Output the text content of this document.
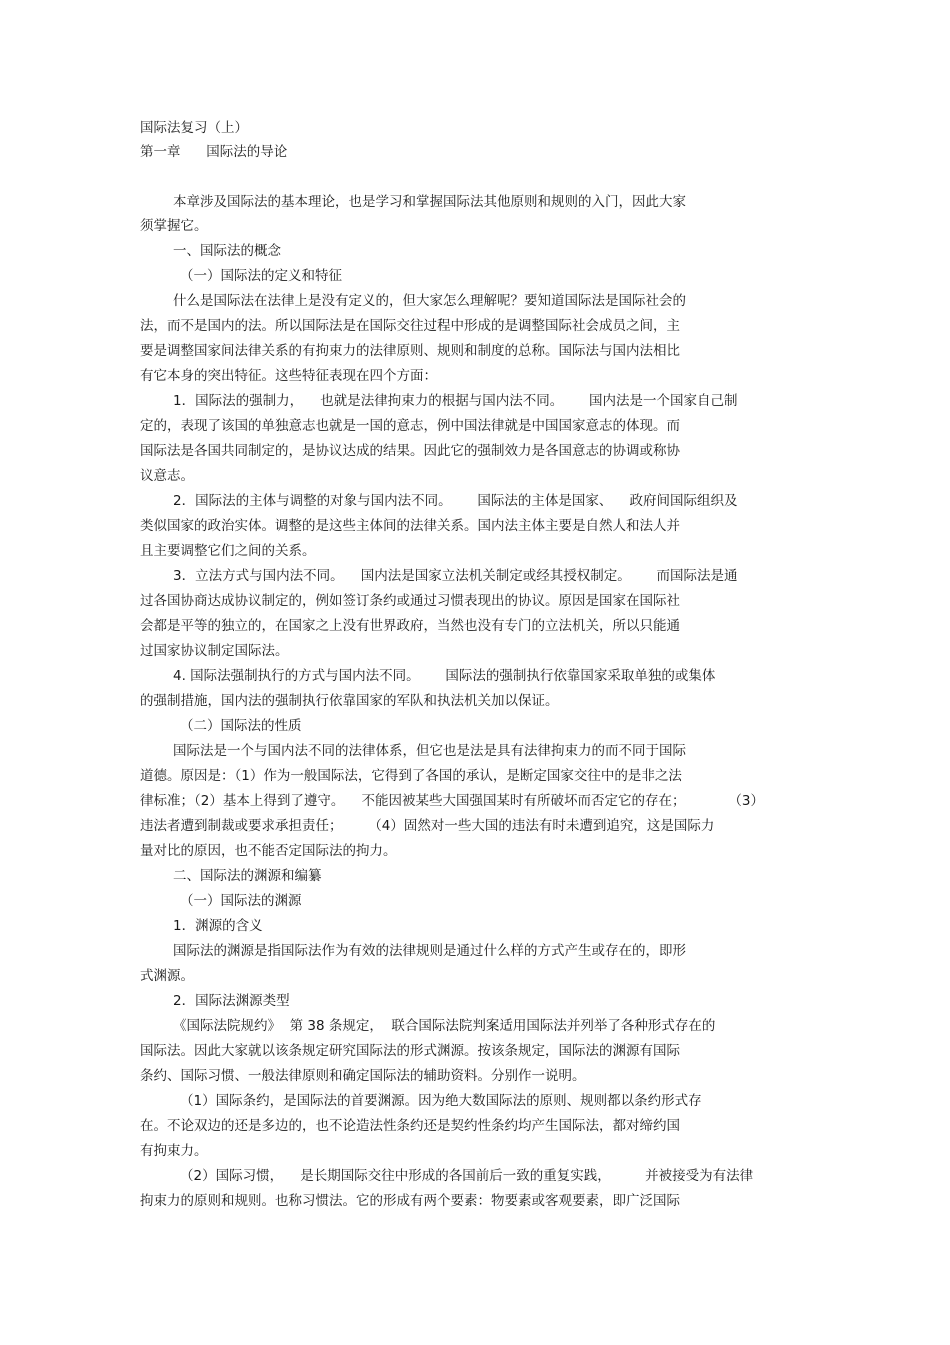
国际法复习（上）
第一章      国际法的导论
本章涉及国际法的基本理论，也是学习和掌握国际法其他原则和规则的入门，因此大家
须掌握它。
一、国际法的概念
（一）国际法的定义和特征
什么是国际法在法律上是没有定义的，但大家怎么理解呢？要知道国际法是国际社会的
法，而不是国内的法。所以国际法是在国际交往过程中形成的是调整国际社会成员之间，主
要是调整国家间法律关系的有拘束力的法律原则、规则和制度的总称。国际法与国内法相比
有它本身的突出特征。这些特征表现在四个方面：
1．国际法的强制力，    也就是法律拘束力的根据与国内法不同。      国内法是一个国家自己制
定的，表现了该国的单独意志也就是一国的意志，例中国法律就是中国国家意志的体现。而
国际法是各国共同制定的，是协议达成的结果。因此它的强制效力是各国意志的协调或称协
议意志。
2．国际法的主体与调整的对象与国内法不同。      国际法的主体是国家、    政府间国际组织及
类似国家的政治实体。调整的是这些主体间的法律关系。国内法主体主要是自然人和法人并
且主要调整它们之间的关系。
3．立法方式与国内法不同。    国内法是国家立法机关制定或经其授权制定。      而国际法是通
过各国协商达成协议制定的，例如签订条约或通过习惯表现出的协议。原因是国家在国际社
会都是平等的独立的，在国家之上没有世界政府，当然也没有专门的立法机关，所以只能通
过国家协议制定国际法。
4. 国际法强制执行的方式与国内法不同。      国际法的强制执行依靠国家采取单独的或集体
的强制措施，国内法的强制执行依靠国家的军队和执法机关加以保证。
（二）国际法的性质
国际法是一个与国内法不同的法律体系，但它也是法是具有法律拘束力的而不同于国际
道德。原因是：（1）作为一般国际法，它得到了各国的承认，是断定国家交往中的是非之法
律标准；（2）基本上得到了遵守。    不能因被某些大国强国某时有所破坏而否定它的存在；          （3）
违法者遭到制裁或要求承担责任；      （4）固然对一些大国的违法有时未遭到追究，这是国际力
量对比的原因，也不能否定国际法的拘力。
二、国际法的渊源和编纂
（一）国际法的渊源
1．渊源的含义
国际法的渊源是指国际法作为有效的法律规则是通过什么样的方式产生或存在的，即形
式渊源。
2．国际法渊源类型
《国际法院规约》  第 38 条规定，  联合国际法院判案适用国际法并列举了各种形式存在的
国际法。因此大家就以该条规定研究国际法的形式渊源。按该条规定，国际法的渊源有国际
条约、国际习惯、一般法律原则和确定国际法的辅助资料。分别作一说明。
（1）国际条约，是国际法的首要渊源。因为绝大数国际法的原则、规则都以条约形式存
在。不论双边的还是多边的，也不论造法性条约还是契约性条约均产生国际法，都对缔约国
有拘束力。
（2）国际习惯，    是长期国际交往中形成的各国前后一致的重复实践，        并被接受为有法律
拘束力的原则和规则。也称习惯法。它的形成有两个要素：物要素或客观要素，即广泛国际
